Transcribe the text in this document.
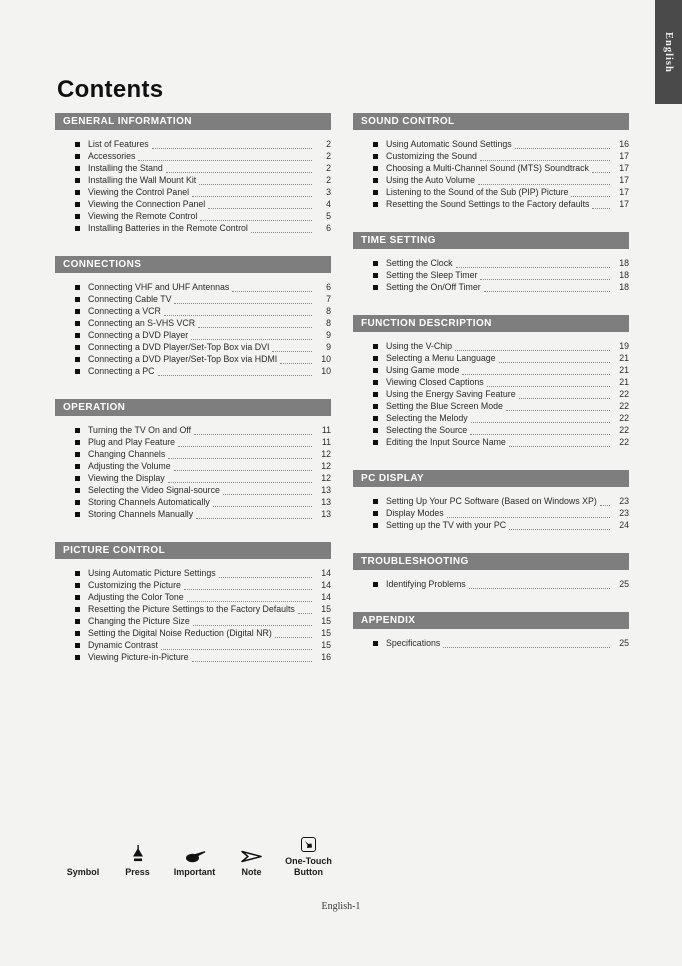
English
Contents
GENERAL INFORMATION
List of Features	2
Accessories	2
Installing the Stand	2
Installing the Wall Mount Kit	2
Viewing the Control Panel	3
Viewing the Connection Panel	4
Viewing the Remote Control	5
Installing Batteries in the Remote Control	6
CONNECTIONS
Connecting VHF and UHF Antennas	6
Connecting Cable TV	7
Connecting a VCR	8
Connecting an S-VHS VCR	8
Connecting a DVD Player	9
Connecting a DVD Player/Set-Top Box via DVI	9
Connecting a DVD Player/Set-Top Box via HDMI	10
Connecting a PC	10
OPERATION
Turning the TV On and Off	11
Plug and Play Feature	11
Changing Channels	12
Adjusting the Volume	12
Viewing the Display	12
Selecting the Video Signal-source	13
Storing Channels Automatically	13
Storing Channels Manually	13
PICTURE CONTROL
Using Automatic Picture Settings	14
Customizing the Picture	14
Adjusting the Color Tone	14
Resetting the Picture Settings to the Factory Defaults	15
Changing the Picture Size	15
Setting the Digital Noise Reduction (Digital NR)	15
Dynamic Contrast	15
Viewing Picture-in-Picture	16
SOUND CONTROL
Using Automatic Sound Settings	16
Customizing the Sound	17
Choosing a Multi-Channel Sound (MTS) Soundtrack	17
Using the Auto Volume	17
Listening to the Sound of the Sub (PIP) Picture	17
Resetting the Sound Settings to the Factory defaults	17
TIME SETTING
Setting the Clock	18
Setting the Sleep Timer	18
Setting the On/Off Timer	18
FUNCTION DESCRIPTION
Using the V-Chip	19
Selecting a Menu Language	21
Using Game mode	21
Viewing Closed Captions	21
Using the Energy Saving Feature	22
Setting the Blue Screen Mode	22
Selecting the Melody	22
Selecting the Source	22
Editing the Input Source Name	22
PC DISPLAY
Setting Up Your PC Software (Based on Windows XP)	23
Display Modes	23
Setting up the TV with your PC	24
TROUBLESHOOTING
Identifying Problems	25
APPENDIX
Specifications	25
Symbol	Press	Important	Note
One-Touch Button
English-1
